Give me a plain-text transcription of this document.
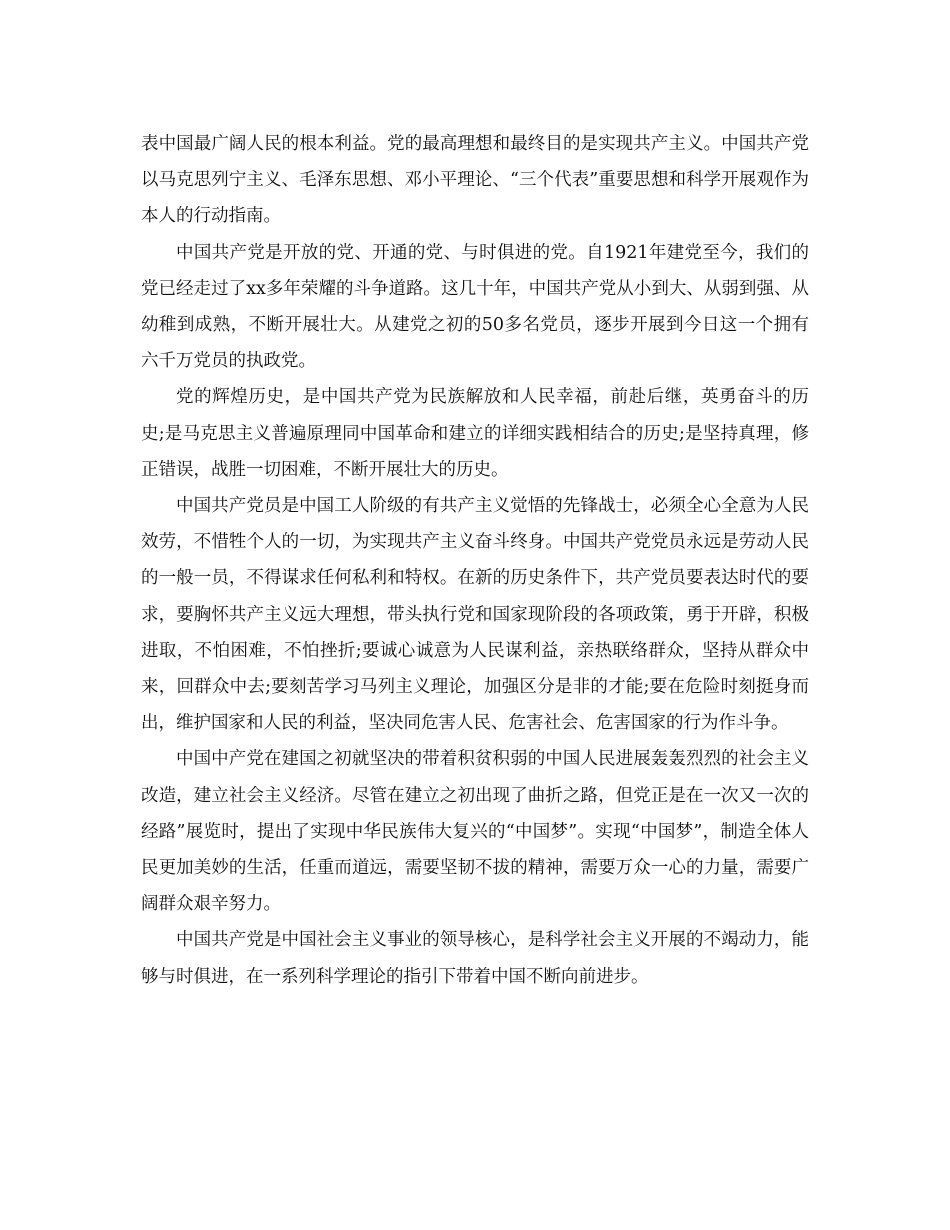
表中国最广阔人民的根本利益。党的最高理想和最终目的是实现共产主义。中国共产党以马克思列宁主义、毛泽东思想、邓小平理论、“三个代表”重要思想和科学开展观作为本人的行动指南。

中国共产党是开放的党、开通的党、与时俱进的党。自1921年建党至今，我们的党已经走过了xx多年荣耀的斗争道路。这几十年，中国共产党从小到大、从弱到强、从幼稚到成熟，不断开展壮大。从建党之初的50多名党员，逐步开展到今日这一个拥有六千万党员的执政党。

党的辉煌历史，是中国共产党为民族解放和人民幸福，前赴后继，英勇奋斗的历史;是马克思主义普遍原理同中国革命和建立的详细实践相结合的历史;是坚持真理，修正错误，战胜一切困难，不断开展壮大的历史。

中国共产党员是中国工人阶级的有共产主义觉悟的先锋战士，必须全心全意为人民效劳，不惜牲个人的一切，为实现共产主义奋斗终身。中国共产党党员永远是劳动人民的一般一员，不得谋求任何私利和特权。在新的历史条件下，共产党员要表达时代的要求，要胸怀共产主义远大理想，带头执行党和国家现阶段的各项政策，勇于开辟，积极进取，不怕困难，不怕挫折;要诚心诚意为人民谋利益，亲热联络群众，坚持从群众中来，回群众中去;要刻苦学习马列主义理论，加强区分是非的才能;要在危险时刻挺身而出，维护国家和人民的利益，坚决同危害人民、危害社会、危害国家的行为作斗争。

中国中产党在建国之初就坚决的带着积贫积弱的中国人民进展轰轰烈烈的社会主义改造，建立社会主义经济。尽管在建立之初出现了曲折之路，但党正是在一次又一次的经路”展览时，提出了实现中华民族伟大复兴的“中国梦”。实现“中国梦”，制造全体人民更加美妙的生活，任重而道远，需要坚韧不拔的精神，需要万众一心的力量，需要广阔群众艰辛努力。

中国共产党是中国社会主义事业的领导核心，是科学社会主义开展的不竭动力，能够与时俱进，在一系列科学理论的指引下带着中国不断向前进步。
